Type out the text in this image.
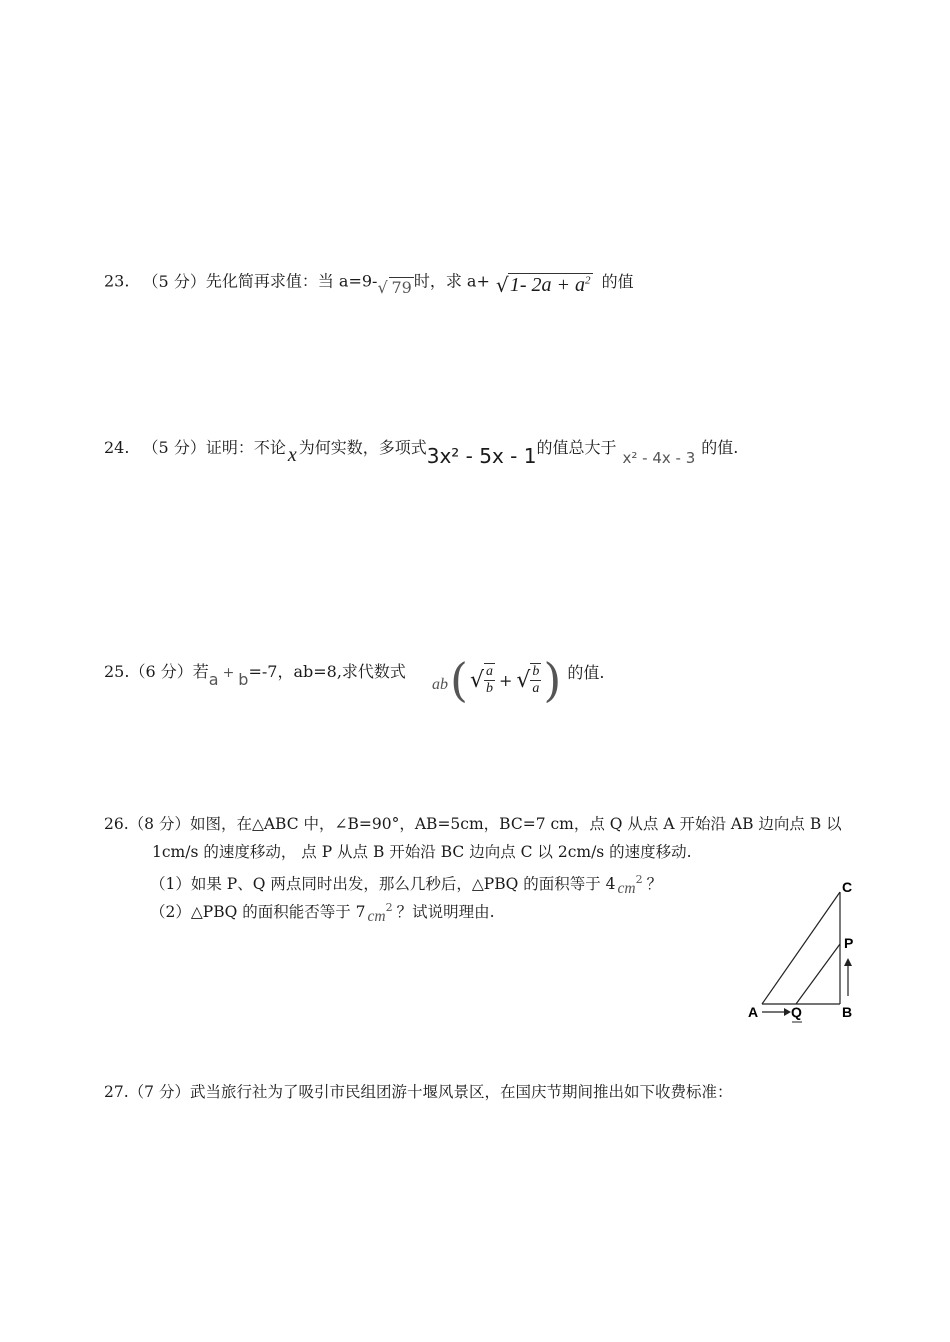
23. （5 分）先化简再求值：当 a=9- √ 79 时，求 a+ √ 1- $2a + a^2$ 的值
24. （5 分）证明：不论 x 为何实数，多项式3x² - 5x - 1的值总大于x² - 4x - 3的值.
25.（6 分）若a + b=-7，ab=8,求代数式
ab ( √ $\frac{a}{b}$ + √ $\frac{b}{a}$ ) 的值.
26.（8 分）如图，在△ABC 中，∠B=90°，AB=5cm，BC=7 cm，点 Q 从点 A 开始沿 AB 边向点 B 以
1cm/s 的速度移动， 点 P 从点 B 开始沿 BC 边向点 C 以 2cm/s 的速度移动.
（1）如果 P、Q 两点同时出发，那么几秒后，△PBQ 的面积等于 4 $cm^2$ ？
（2）△PBQ 的面积能否等于 7 $cm^2$ ？试说明理由.
A Q	B
C
P
27.（7 分）武当旅行社为了吸引市民组团游十堰风景区，在国庆节期间推出如下收费标准：
